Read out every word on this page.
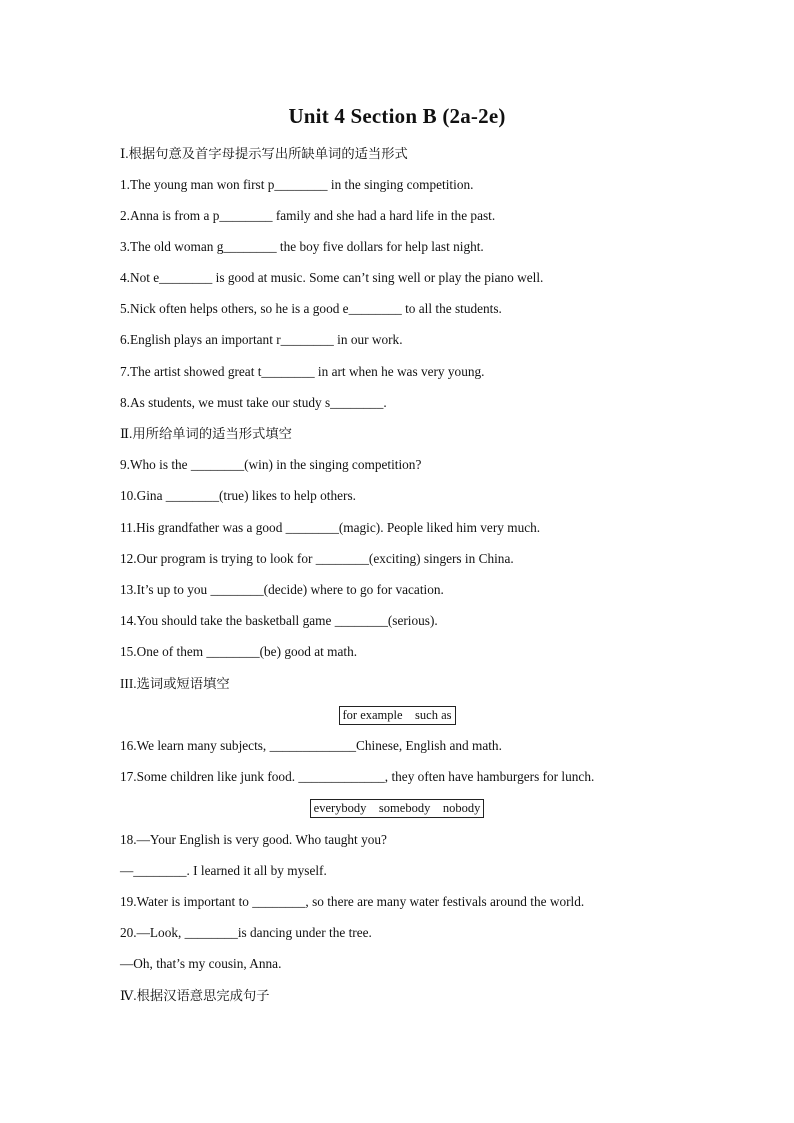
Unit 4 Section B (2a-2e)
Ⅰ.根据句意及首字母提示写出所缺单词的适当形式
1.The young man won first p________ in the singing competition.
2.Anna is from a p________ family and she had a hard life in the past.
3.The old woman g________ the boy five dollars for help last night.
4.Not e________ is good at music. Some can’t sing well or play the piano well.
5.Nick often helps others, so he is a good e________ to all the students.
6.English plays an important r________ in our work.
7.The artist showed great t________ in art when he was very young.
8.As students, we must take our study s________.
Ⅱ.用所给单词的适当形式填空
9.Who is the ________(win) in the singing competition?
10.Gina ________(true) likes to help others.
11.His grandfather was a good ________(magic). People liked him very much.
12.Our program is trying to look for ________(exciting) singers in China.
13.It’s up to you ________(decide) where to go for vacation.
14.You should take the basketball game ________(serious).
15.One of them ________(be) good at math.
III.选词或短语填空
for example    such as
16.We learn many subjects, _____________Chinese, English and math.
17.Some children like junk food. _____________, they often have hamburgers for lunch.
everybody    somebody    nobody
18.—Your English is very good. Who taught you?
—________. I learned it all by myself.
19.Water is important to ________, so there are many water festivals around the world.
20.—Look, ________is dancing under the tree.
—Oh, that’s my cousin, Anna.
Ⅳ.根据汉语意思完成句子
